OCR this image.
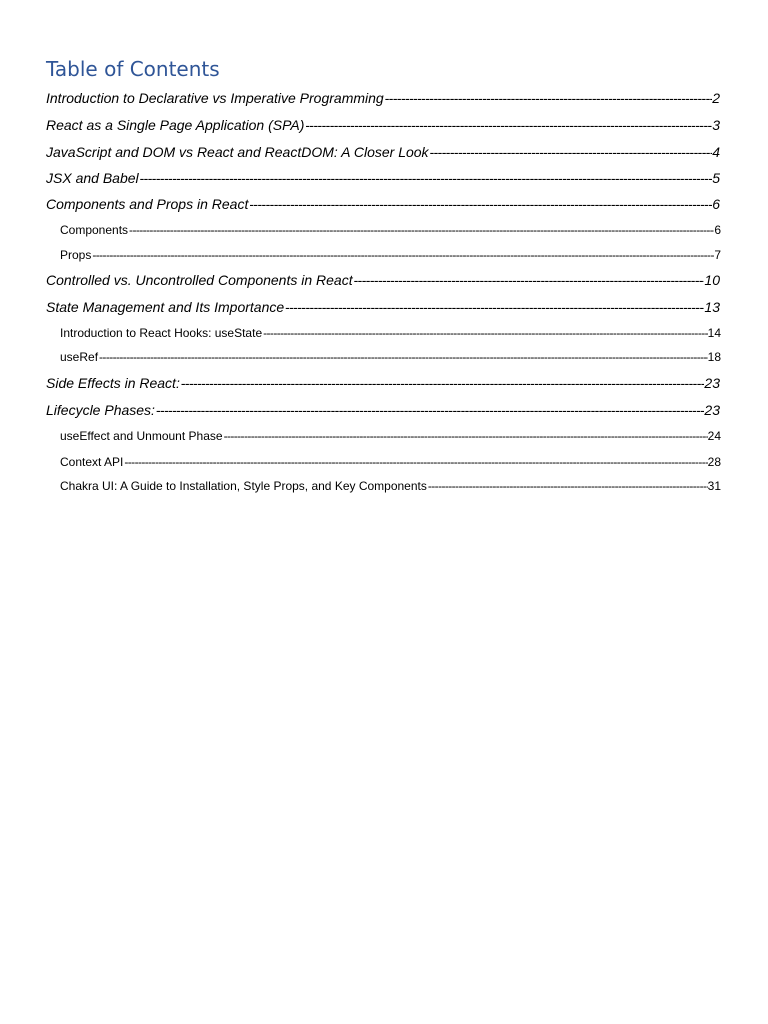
Table of Contents
Introduction to Declarative vs Imperative Programming -----	2
React as a Single Page Application (SPA) -----	3
JavaScript and DOM vs React and ReactDOM: A Closer Look -----	4
JSX and Babel -----	5
Components and Props in React -----	6
Components -----	6
Props -----	7
Controlled vs. Uncontrolled Components in React -----	10
State Management and Its Importance -----	13
Introduction to React Hooks: useState -----	14
useRef -----	18
Side Effects in React: -----	23
Lifecycle Phases: -----	23
useEffect and Unmount Phase -----	24
Context API -----	28
Chakra UI: A Guide to Installation, Style Props, and Key Components -----	31
